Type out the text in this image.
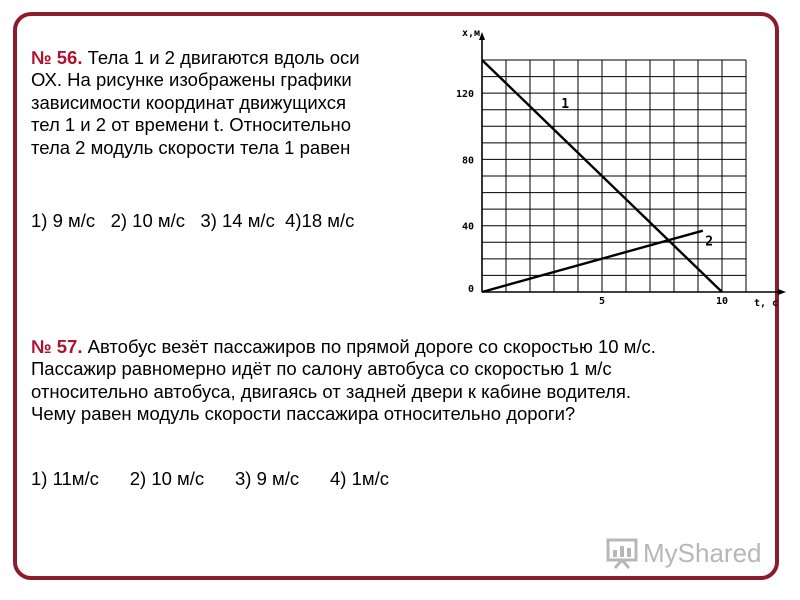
№ 56. Тела 1 и 2 двигаются вдоль оси
ОХ. На рисунке изображены графики
зависимости координат движущихся
тел 1 и 2 от времени t. Относительно
тела 2 модуль скорости тела 1 равен
1) 9 м/с 2) 10 м/с 3) 14 м/с 4)18 м/с
x,м
t, c
0
40
80
120
5	10
1
2
№ 57. Автобус везёт пассажиров по прямой дороге со скоростью 10 м/с.
Пассажир равномерно идёт по салону автобуса со скоростью 1 м/с
относительно автобуса, двигаясь от задней двери к кабине водителя.
Чему равен модуль скорости пассажира относительно дороги?
1) 11м/с 2) 10 м/с 3) 9 м/с 4) 1м/с
MyShared
